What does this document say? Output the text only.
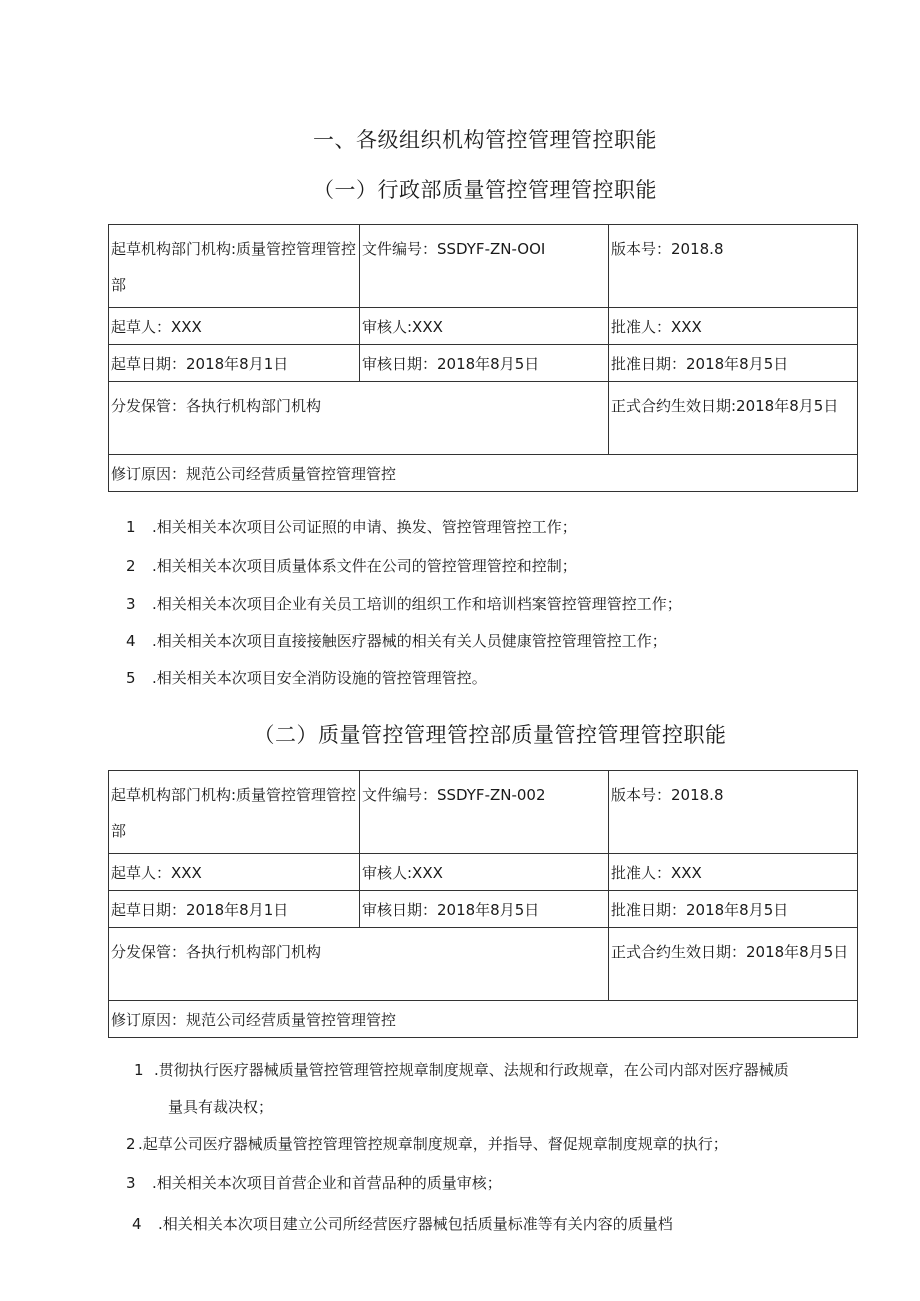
一、各级组织机构管控管理管控职能
（一）行政部质量管控管理管控职能
起草机构部门机构:质量管控管理管控部	文件编号：SSDYF-ZN-OOI	版本号：2018.8
起草人：XXX	审核人:XXX	批准人：XXX
起草日期：2018年8月1日	审核日期：2018年8月5日	批准日期：2018年8月5日
分发保管：各执行机构部门机构		正式合约生效日期:2018年8月5日
修订原因：规范公司经营质量管控管理管控		
1 .相关相关本次项目公司证照的申请、换发、管控管理管控工作；
2 .相关相关本次项目质量体系文件在公司的管控管理管控和控制；
3 .相关相关本次项目企业有关员工培训的组织工作和培训档案管控管理管控工作；
4 .相关相关本次项目直接接触医疗器械的相关有关人员健康管控管理管控工作；
5 .相关相关本次项目安全消防设施的管控管理管控。
（二）质量管控管理管控部质量管控管理管控职能
起草机构部门机构:质量管控管理管控部	文件编号：SSDYF-ZN-002	版本号：2018.8
起草人：XXX	审核人:XXX	批准人：XXX
起草日期：2018年8月1日	审核日期：2018年8月5日	批准日期：2018年8月5日
分发保管：各执行机构部门机构		正式合约生效日期：2018年8月5日
修订原因：规范公司经营质量管控管理管控		
1 .贯彻执行医疗器械质量管控管理管控规章制度规章、法规和行政规章，在公司内部对医疗器械质
量具有裁决权；
2 .起草公司医疗器械质量管控管理管控规章制度规章，并指导、督促规章制度规章的执行；
3 .相关相关本次项目首营企业和首营品种的质量审核；
4 .相关相关本次项目建立公司所经营医疗器械包括质量标准等有关内容的质量档
